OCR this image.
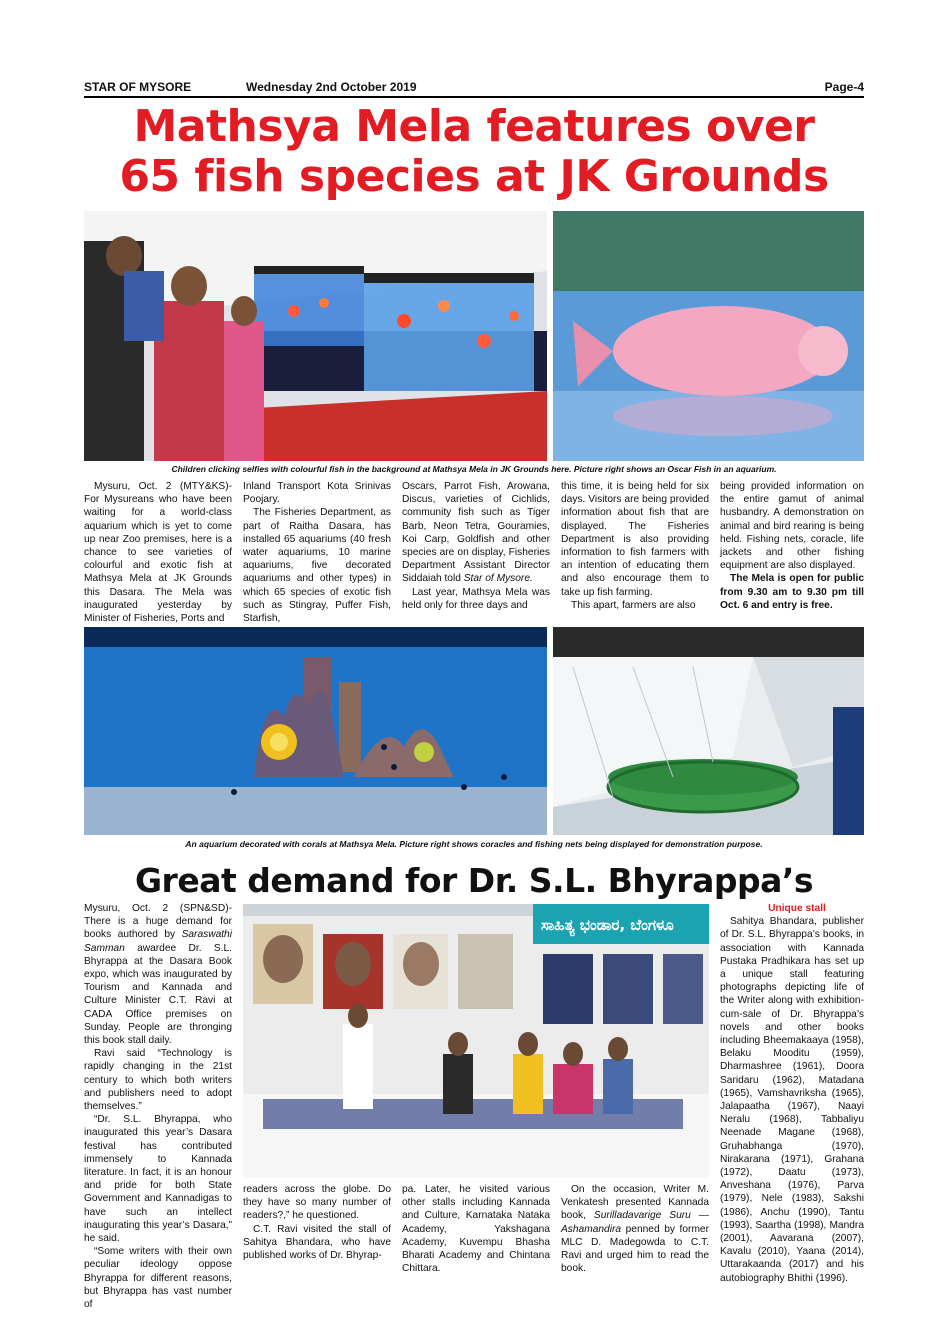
STAR OF MYSORE	Wednesday 2nd October 2019	Page-4
Mathsya Mela features over
65 fish species at JK Grounds
Children clicking selfies with colourful fish in the background at Mathsya Mela in JK Grounds here. Picture right shows an Oscar Fish in an aquarium.

Mysuru, Oct. 2 (MTY&KS)- For Mysureans who have been waiting for a world-class aquarium which is yet to come up near Zoo premises, here is a chance to see varieties of colourful and exotic fish at Mathsya Mela at JK Grounds this Dasara. The Mela was inaugurated yesterday by Minister of Fisheries, Ports and

Inland Transport Kota Srinivas Poojary.

The Fisheries Department, as part of Raitha Dasara, has installed 65 aquariums (40 fresh water aquariums, 10 marine aquariums, five decorated aquariums and other types) in which 65 species of exotic fish such as Stingray, Puffer Fish, Starfish,

Oscars, Parrot Fish, Arowana, Discus, varieties of Cichlids, community fish such as Tiger Barb, Neon Tetra, Gouramies, Koi Carp, Goldfish and other species are on display, Fisheries Department Assistant Director Siddaiah told Star of Mysore.

Last year, Mathsya Mela was held only for three days and

this time, it is being held for six days. Visitors are being provided information about fish that are displayed. The Fisheries Department is also providing information to fish farmers with an intention of educating them and also encourage them to take up fish farming.

This apart, farmers are also

being provided information on the entire gamut of animal husbandry. A demonstration on animal and bird rearing is being held. Fishing nets, coracle, life jackets and other fishing equipment are also displayed.

The Mela is open for public from 9.30 am to 9.30 pm till Oct. 6 and entry is free.

An aquarium decorated with corals at Mathsya Mela. Picture right shows coracles and fishing nets being displayed for demonstration purpose.
Great demand for Dr. S.L. Bhyrappa’s

Mysuru, Oct. 2 (SPN&SD)- There is a huge demand for books authored by Saraswathi Samman awardee Dr. S.L. Bhyrappa at the Dasara Book expo, which was inaugurated by Tourism and Kannada and Culture Minister C.T. Ravi at CADA Office premises on Sunday. People are thronging this book stall daily.

Ravi said “Technology is rapidly changing in the 21st century to which both writers and publishers need to adopt themselves.”

“Dr. S.L. Bhyrappa, who inaugurated this year’s Dasara festival has contributed immensely to Kannada literature. In fact, it is an honour and pride for both State Government and Kannadigas to have such an intellect inaugurating this year’s Dasara,” he said.

“Some writers with their own peculiar ideology oppose Bhyrappa for different reasons, but Bhyrappa has vast number of

ಸಾಹಿತ್ಯ ಭಂಡಾರ, ಬೆಂಗಳೂ

readers across the globe. Do they have so many number of readers?,” he questioned.

C.T. Ravi visited the stall of Sahitya Bhandara, who have published works of Dr. Bhyrap-

pa. Later, he visited various other stalls including Kannada and Culture, Karnataka Nataka Academy, Yakshagana Academy, Kuvempu Bhasha Bharati Academy and Chintana Chittara.

On the occasion, Writer M. Venkatesh presented Kannada book, Surilladavarige Suru — Ashamandira penned by former MLC D. Madegowda to C.T. Ravi and urged him to read the book.

Unique stall

Sahitya Bhandara, publisher of Dr. S.L. Bhyrappa’s books, in association with Kannada Pustaka Pradhikara has set up a unique stall featuring photographs depicting life of the Writer along with exhibition-cum-sale of Dr. Bhyrappa’s novels and other books including Bheemakaaya (1958), Belaku Mooditu (1959), Dharmashree (1961), Doora Saridaru (1962), Matadana (1965), Vamshavriksha (1965), Jalapaatha (1967), Naayi Neralu (1968), Tabbaliyu Neenade Magane (1968), Gruhabhanga (1970), Nirakarana (1971), Grahana (1972), Daatu (1973), Anveshana (1976), Parva (1979), Nele (1983), Sakshi (1986), Anchu (1990), Tantu (1993), Saartha (1998), Mandra (2001), Aavarana (2007), Kavalu (2010), Yaana (2014), Uttarakaanda (2017) and his autobiography Bhithi (1996).
